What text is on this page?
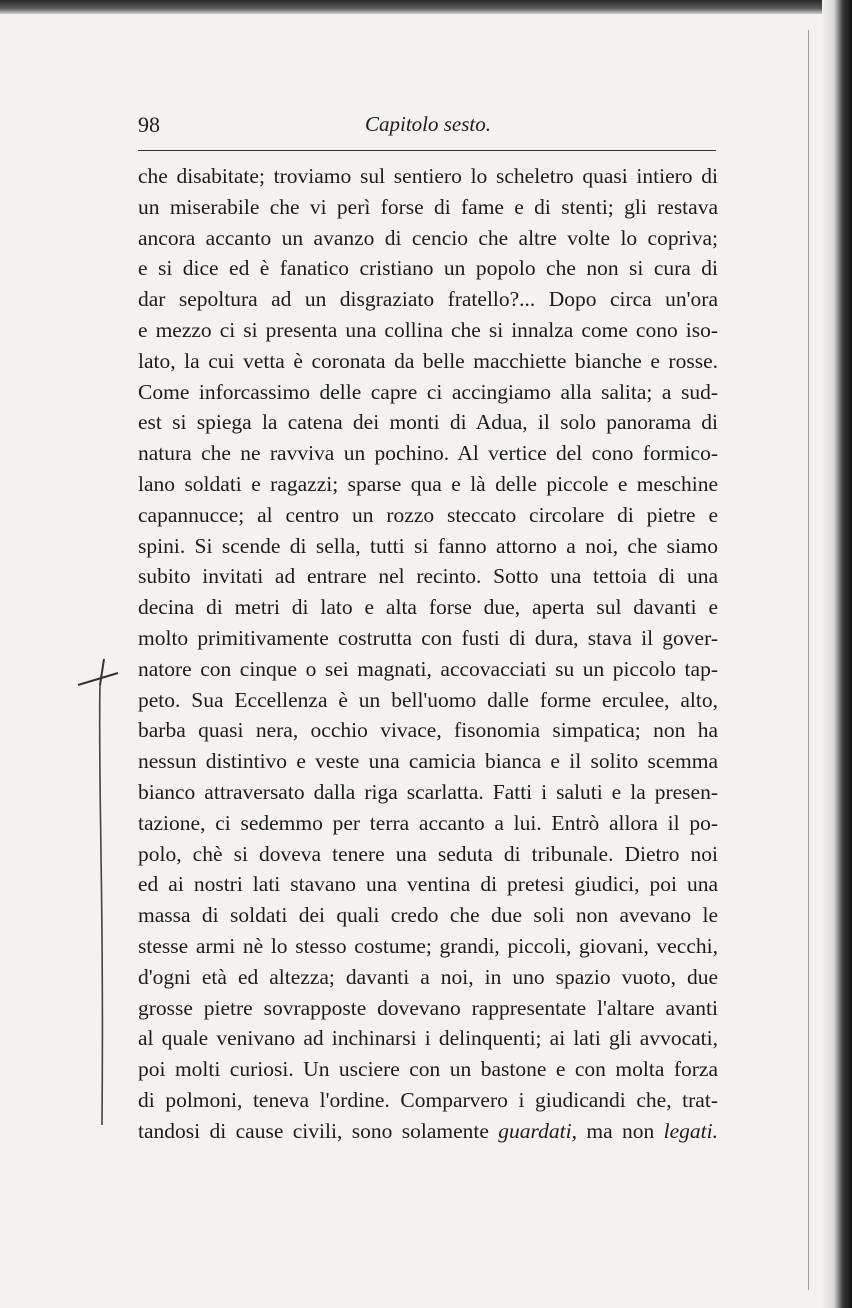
98	Capitolo sesto.
che disabitate; troviamo sul sentiero lo scheletro quasi intiero di
un miserabile che vi perì forse di fame e di stenti; gli restava
ancora accanto un avanzo di cencio che altre volte lo copriva;
e si dice ed è fanatico cristiano un popolo che non si cura di
dar sepoltura ad un disgraziato fratello?... Dopo circa un'ora
e mezzo ci si presenta una collina che si innalza come cono iso-
lato, la cui vetta è coronata da belle macchiette bianche e rosse.
Come inforcassimo delle capre ci accingiamo alla salita; a sud-
est si spiega la catena dei monti di Adua, il solo panorama di
natura che ne ravviva un pochino. Al vertice del cono formico-
lano soldati e ragazzi; sparse qua e là delle piccole e meschine
capannucce; al centro un rozzo steccato circolare di pietre e
spini. Si scende di sella, tutti si fanno attorno a noi, che siamo
subito invitati ad entrare nel recinto. Sotto una tettoia di una
decina di metri di lato e alta forse due, aperta sul davanti e
molto primitivamente costrutta con fusti di dura, stava il gover-
natore con cinque o sei magnati, accovacciati su un piccolo tap-
peto. Sua Eccellenza è un bell'uomo dalle forme erculee, alto,
barba quasi nera, occhio vivace, fisonomia simpatica; non ha
nessun distintivo e veste una camicia bianca e il solito scemma
bianco attraversato dalla riga scarlatta. Fatti i saluti e la presen-
tazione, ci sedemmo per terra accanto a lui. Entrò allora il po-
polo, chè si doveva tenere una seduta di tribunale. Dietro noi
ed ai nostri lati stavano una ventina di pretesi giudici, poi una
massa di soldati dei quali credo che due soli non avevano le
stesse armi nè lo stesso costume; grandi, piccoli, giovani, vecchi,
d'ogni età ed altezza; davanti a noi, in uno spazio vuoto, due
grosse pietre sovrapposte dovevano rappresentate l'altare avanti
al quale venivano ad inchinarsi i delinquenti; ai lati gli avvocati,
poi molti curiosi. Un usciere con un bastone e con molta forza
di polmoni, teneva l'ordine. Comparvero i giudicandi che, trat-
tandosi di cause civili, sono solamente guardati, ma non legati.
